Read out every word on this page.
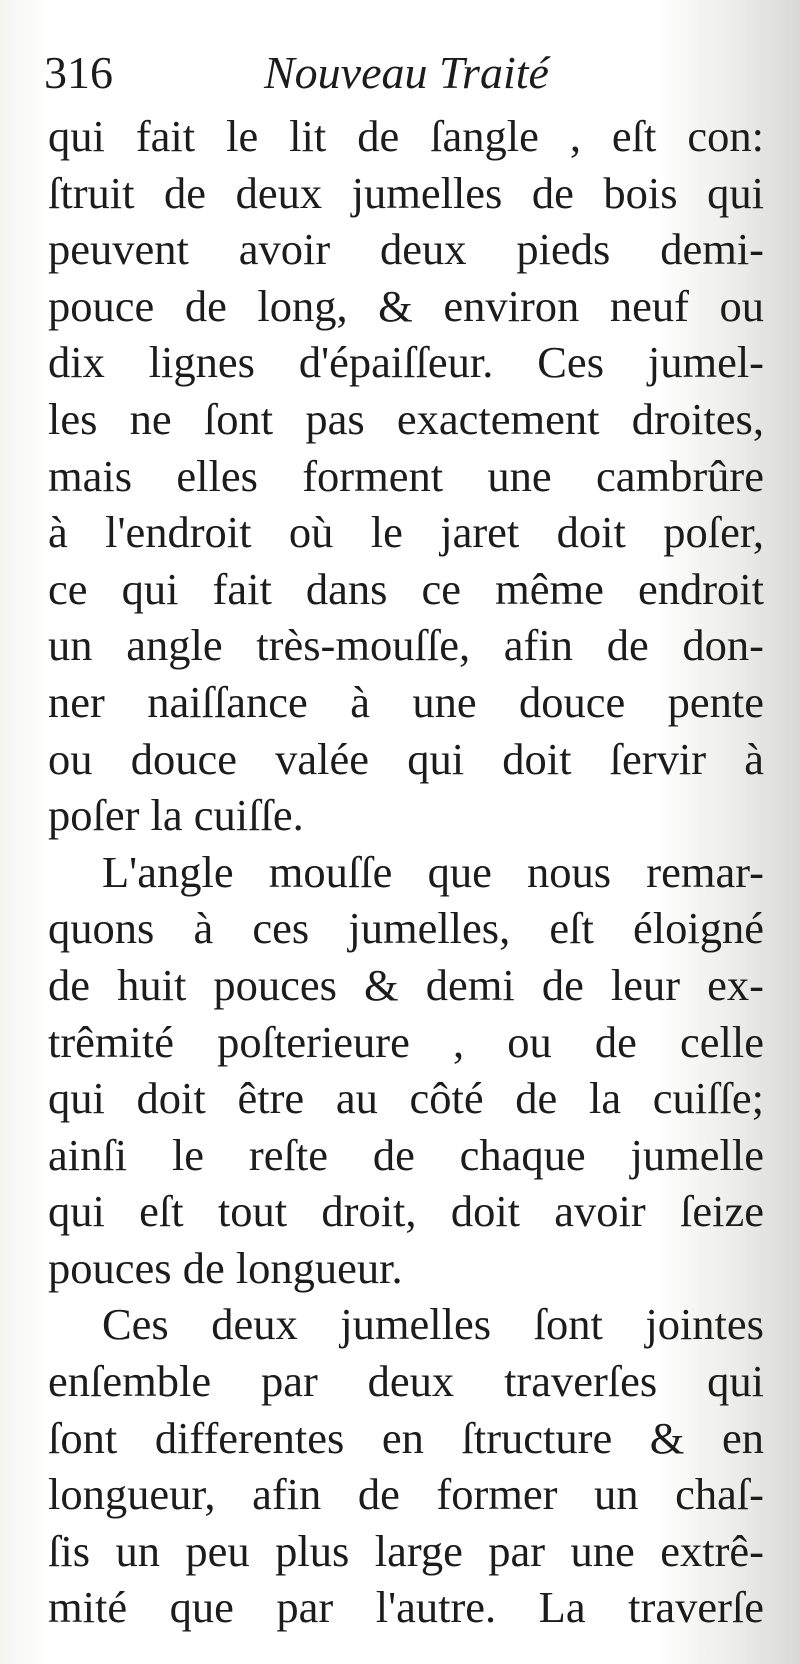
316	Nouveau Traité
qui fait le lit de ſangle , eſt con:
ſtruit de deux jumelles de bois qui
peuvent avoir deux pieds demi-
pouce de long, & environ neuf ou
dix lignes d'épaiſſeur. Ces jumel-
les ne ſont pas exactement droites,
mais elles forment une cambrûre
à l'endroit où le jaret doit poſer,
ce qui fait dans ce même endroit
un angle très-mouſſe, afin de don-
ner naiſſance à une douce pente
ou douce valée qui doit ſervir à
poſer la cuiſſe.
L'angle mouſſe que nous remar-
quons à ces jumelles, eſt éloigné
de huit pouces & demi de leur ex-
trêmité poſterieure , ou de celle
qui doit être au côté de la cuiſſe;
ainſi le reſte de chaque jumelle
qui eſt tout droit, doit avoir ſeize
pouces de longueur.
Ces deux jumelles ſont jointes
enſemble par deux traverſes qui
ſont differentes en ſtructure & en
longueur, afin de former un chaſ-
ſis un peu plus large par une extrê-
mité que par l'autre. La traverſe
